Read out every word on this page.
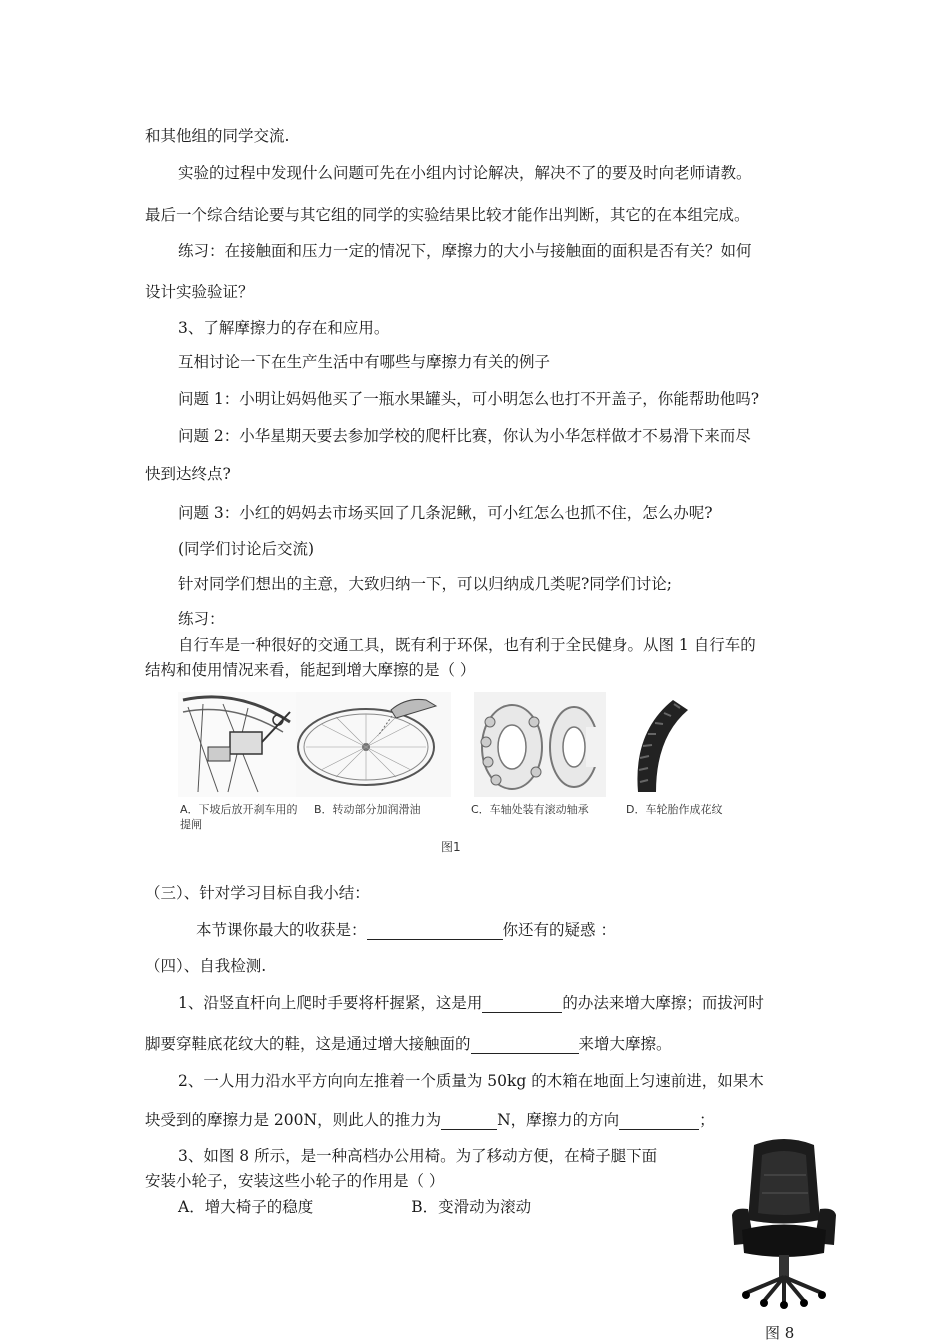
和其他组的同学交流.
实验的过程中发现什么问题可先在小组内讨论解决，解决不了的要及时向老师请教。
最后一个综合结论要与其它组的同学的实验结果比较才能作出判断，其它的在本组完成。
练习：在接触面和压力一定的情况下，摩擦力的大小与接触面的面积是否有关？如何
设计实验验证？
3、了解摩擦力的存在和应用。
互相讨论一下在生产生活中有哪些与摩擦力有关的例子
问题 1：小明让妈妈他买了一瓶水果罐头，可小明怎么也打不开盖子，你能帮助他吗?
问题 2：小华星期天要去参加学校的爬杆比赛，你认为小华怎样做才不易滑下来而尽
快到达终点?
问题 3：小红的妈妈去市场买回了几条泥鳅，可小红怎么也抓不住，怎么办呢?
(同学们讨论后交流)
针对同学们想出的主意，大致归纳一下，可以归纳成几类呢?同学们讨论;
练习：
自行车是一种很好的交通工具，既有利于环保，也有利于全民健身。从图 1 自行车的
结构和使用情况来看，能起到增大摩擦的是（ ）
A．下坡后放开刹车用的提闸
B．转动部分加润滑油	C．车轴处装有滚动轴承	D．车轮胎作成花纹
图1
（三）、针对学习目标自我小结：
本节课你最大的收获是：	你还有的疑惑 ：
（四）、自我检测.
1、沿竖直杆向上爬时手要将杆握紧，这是用	的办法来增大摩擦；而拔河时
脚要穿鞋底花纹大的鞋，这是通过增大接触面的	来增大摩擦。
2、一人用力沿水平方向向左推着一个质量为 50kg 的木箱在地面上匀速前进，如果木
块受到的摩擦力是 200N，则此人的推力为	N，摩擦力的方向	；
3、如图 8 所示，是一种高档办公用椅。为了移动方便，在椅子腿下面
安装小轮子，安装这些小轮子的作用是（ ）
A．增大椅子的稳度	B．变滑动为滚动
图 8
